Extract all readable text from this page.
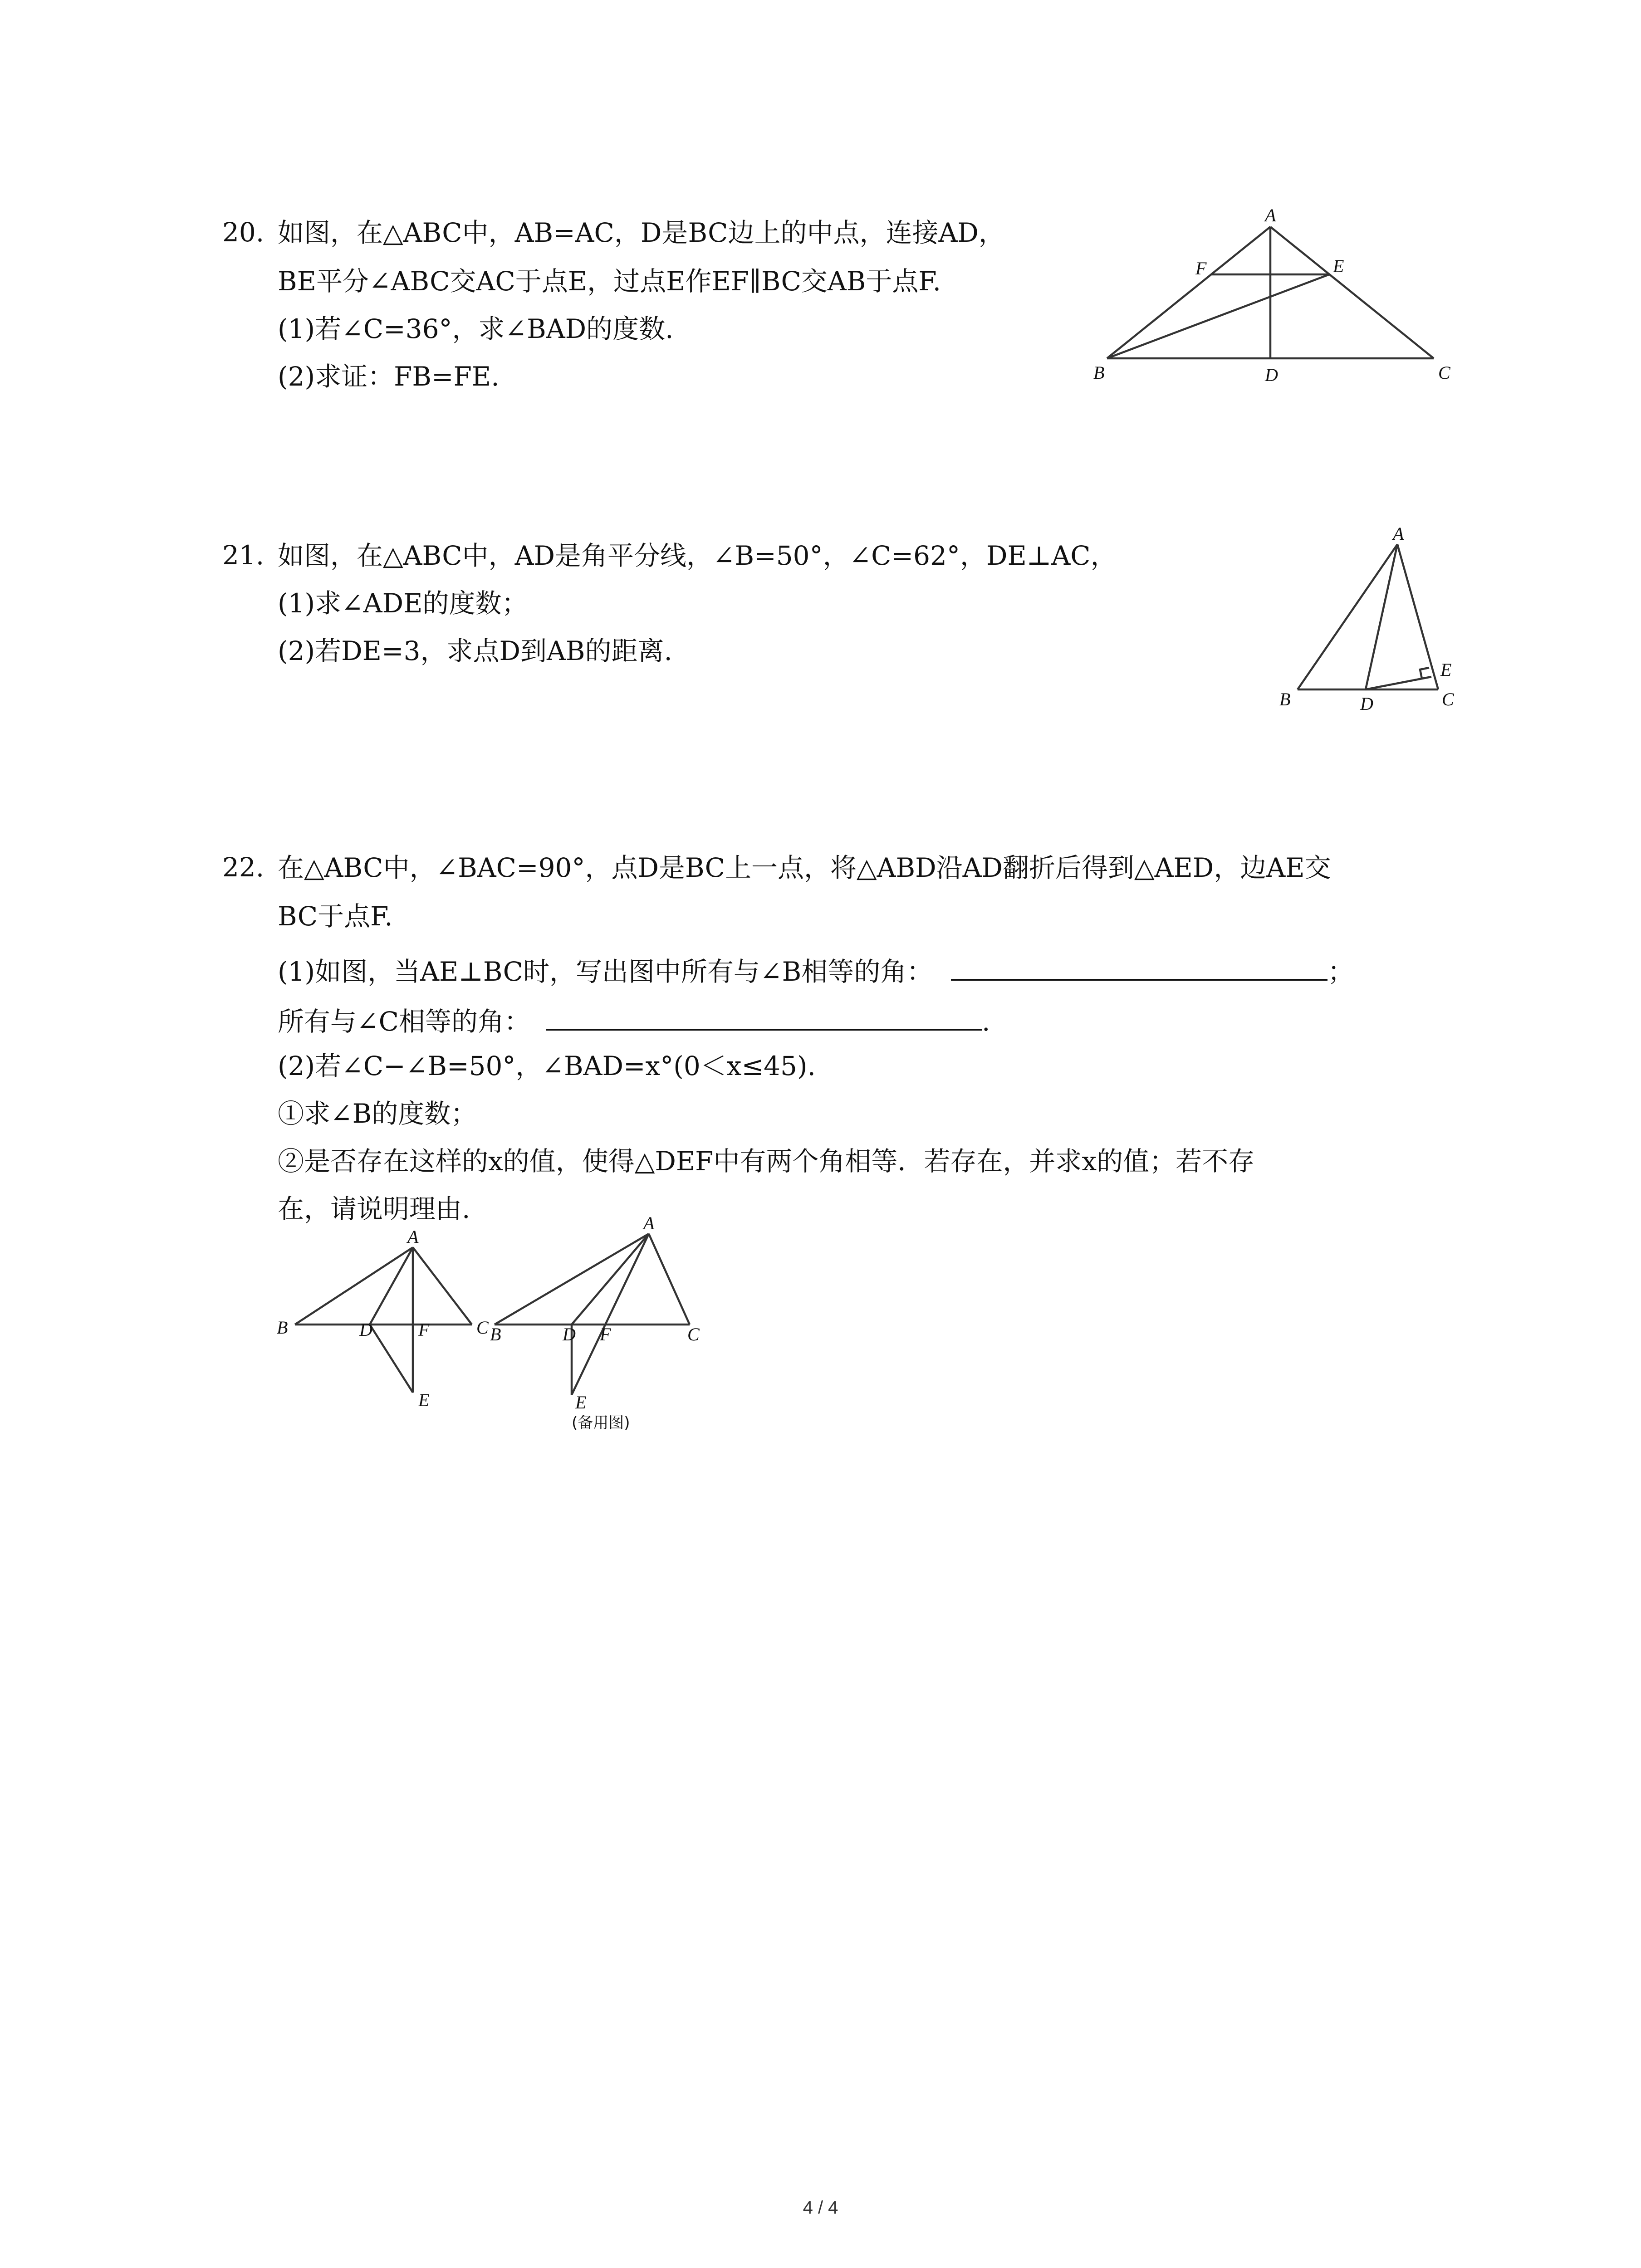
20. 如图，在△ABC中，AB=AC，D是BC边上的中点，连接AD，
BE平分∠ABC交AC于点E，过点E作EF∥BC交AB于点F.
(1)若∠C=36°，求∠BAD的度数.
(2)求证：FB=FE.
A
B	C
D
E
F
21. 如图，在△ABC中，AD是角平分线，∠B=50°，∠C=62°，DE⊥AC，
(1)求∠ADE的度数；
(2)若DE=3，求点D到AB的距离.
A
B	C
D
E
22. 在△ABC中，∠BAC=90°，点D是BC上一点，将△ABD沿AD翻折后得到△AED，边AE交
BC于点F.
(1)如图，当AE⊥BC时，写出图中所有与∠B相等的角：	；
所有与∠C相等的角：	.
(2)若∠C−∠B=50°，∠BAD=x°(0＜x≤45).
①求∠B的度数；
②是否存在这样的x的值，使得△DEF中有两个角相等．若存在，并求x的值；若不存
在，请说明理由.
A
B	C
D
E
F
A
B	C
D F
E
(备用图)
4 / 4
